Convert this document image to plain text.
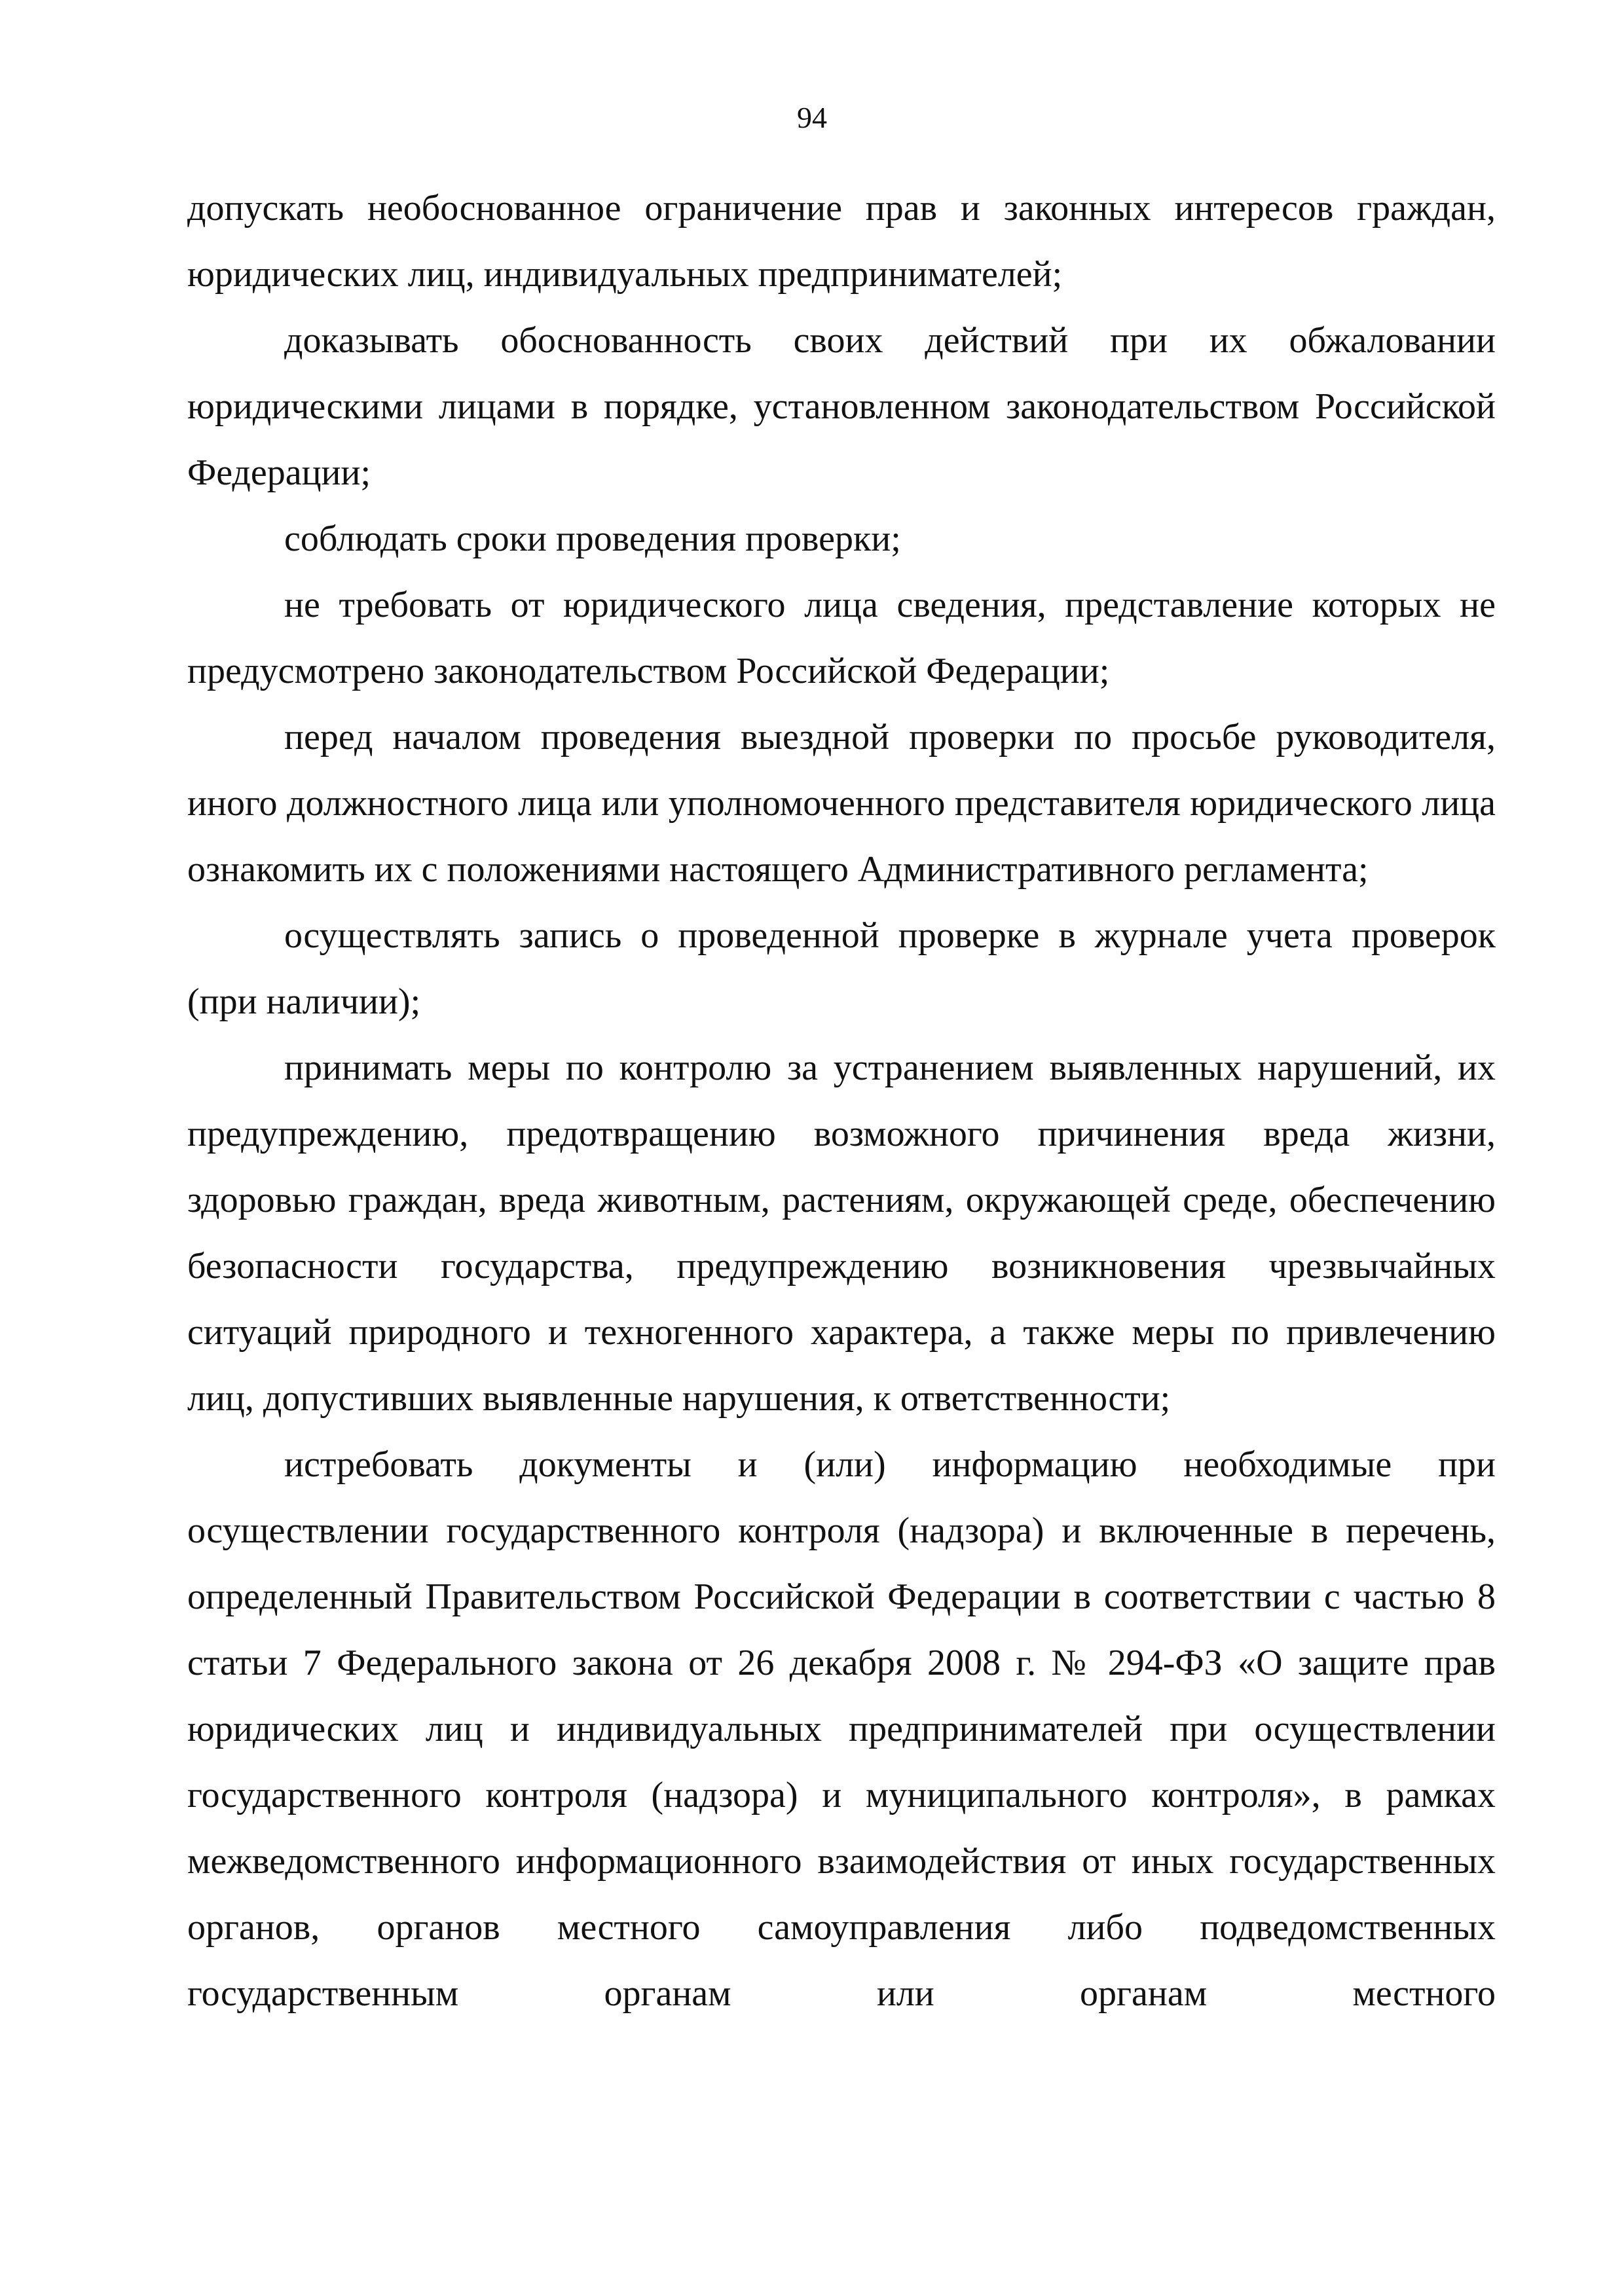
94

допускать необоснованное ограничение прав и законных интересов граждан, юридических лиц, индивидуальных предпринимателей;

доказывать обоснованность своих действий при их обжаловании юридическими лицами в порядке, установленном законодательством Российской Федерации;

соблюдать сроки проведения проверки;

не требовать от юридического лица сведения, представление которых не предусмотрено законодательством Российской Федерации;

перед началом проведения выездной проверки по просьбе руководителя, иного должностного лица или уполномоченного представителя юридического лица ознакомить их с положениями настоящего Административного регламента;

осуществлять запись о проведенной проверке в журнале учета проверок (при наличии);

принимать меры по контролю за устранением выявленных нарушений, их предупреждению, предотвращению возможного причинения вреда жизни, здоровью граждан, вреда животным, растениям, окружающей среде, обеспечению безопасности государства, предупреждению возникновения чрезвычайных ситуаций природного и техногенного характера, а также меры по привлечению лиц, допустивших выявленные нарушения, к ответственности;

истребовать документы и (или) информацию необходимые при осуществлении государственного контроля (надзора) и включенные в перечень, определенный Правительством Российской Федерации в соответствии с частью 8 статьи 7 Федерального закона от 26 декабря 2008 г. № 294-ФЗ «О защите прав юридических лиц и индивидуальных предпринимателей при осуществлении государственного контроля (надзора) и муниципального контроля», в рамках межведомственного информационного взаимодействия от иных государственных органов, органов местного самоуправления либо подведомственных государственным органам или органам местного
